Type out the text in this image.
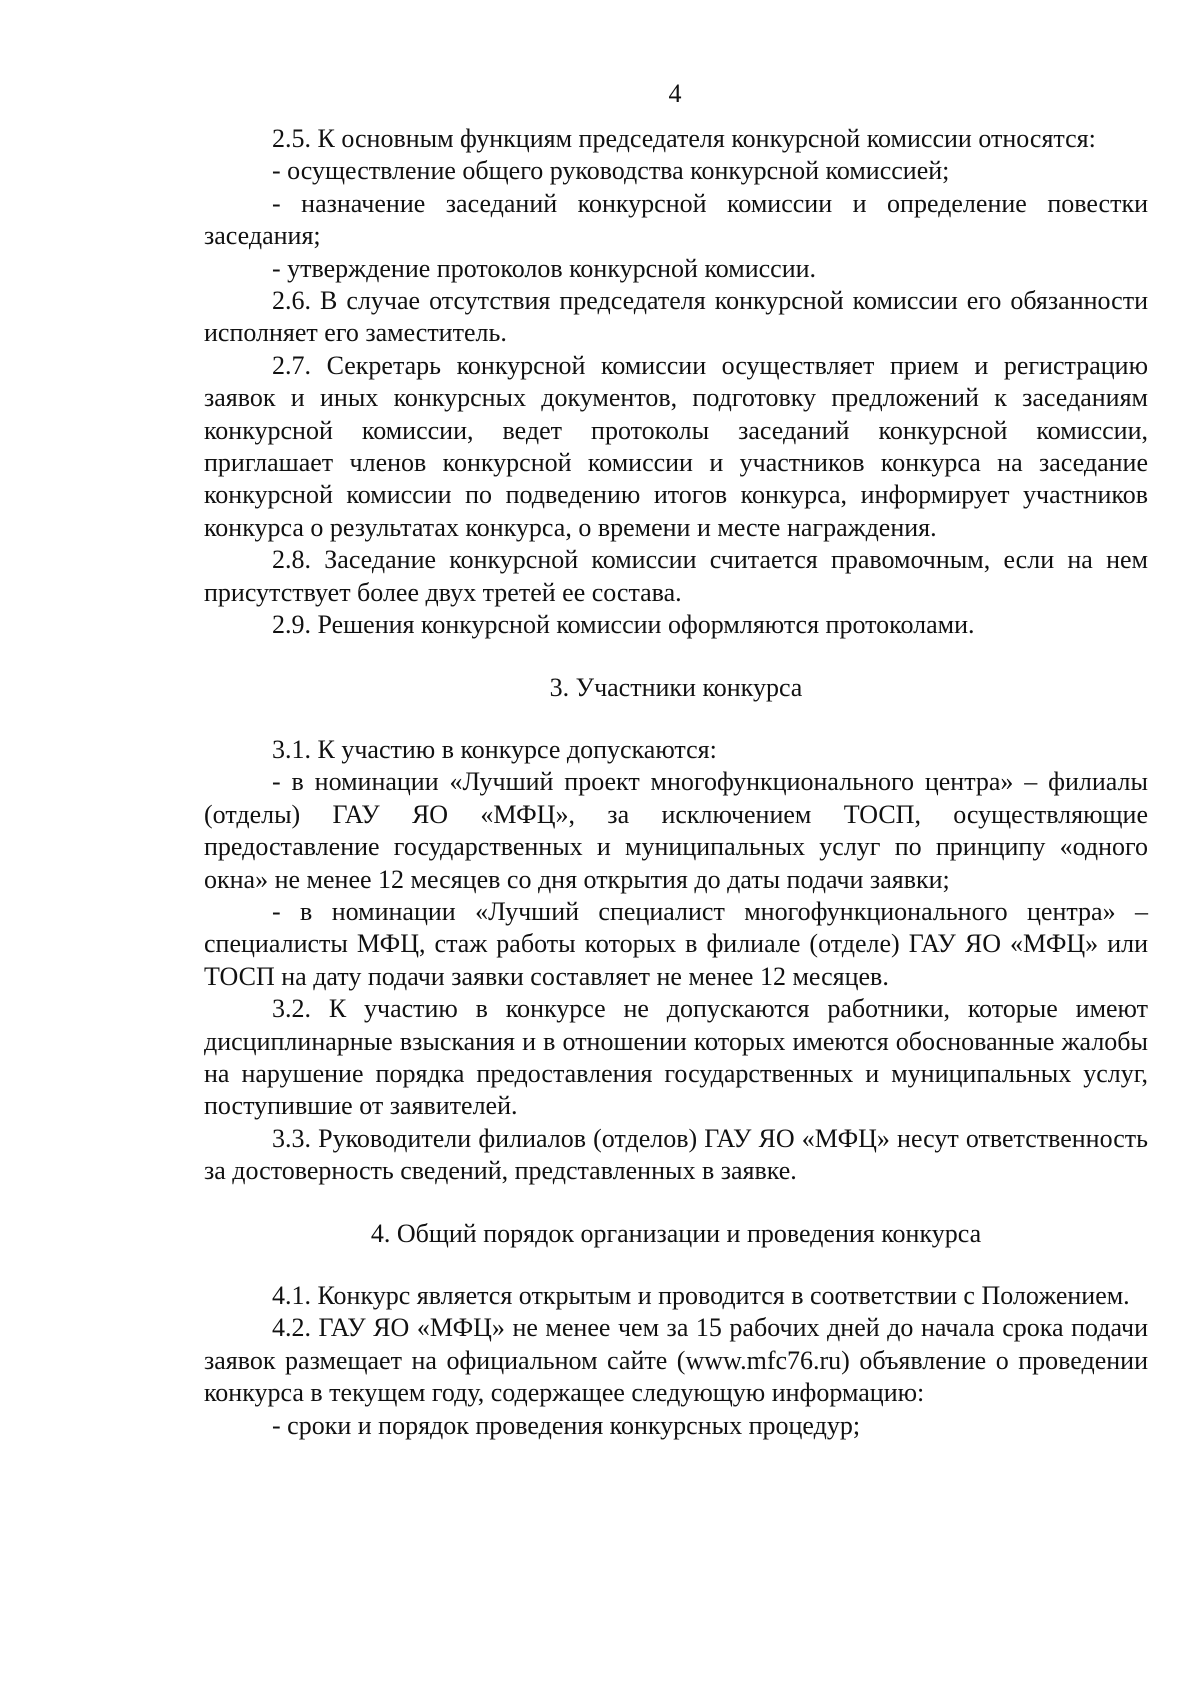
4

2.5. К основным функциям председателя конкурсной комиссии относятся:

- осуществление общего руководства конкурсной комиссией;

- назначение заседаний конкурсной комиссии и определение повестки заседания;

- утверждение протоколов конкурсной комиссии.

2.6. В случае отсутствия председателя конкурсной комиссии его обязанности исполняет его заместитель.

2.7. Секретарь конкурсной комиссии осуществляет прием и регистрацию заявок и иных конкурсных документов, подготовку предложений к заседаниям конкурсной комиссии, ведет протоколы заседаний конкурсной комиссии, приглашает членов конкурсной комиссии и участников конкурса на заседание конкурсной комиссии по подведению итогов конкурса, информирует участников конкурса о результатах конкурса, о времени и месте награждения.

2.8. Заседание конкурсной комиссии считается правомочным, если на нем присутствует более двух третей ее состава.

2.9. Решения конкурсной комиссии оформляются протоколами.

3. Участники конкурса

3.1. К участию в конкурсе допускаются:

- в номинации «Лучший проект многофункционального центра» – филиалы (отделы) ГАУ ЯО «МФЦ», за исключением ТОСП, осуществляющие предоставление государственных и муниципальных услуг по принципу «одного окна» не менее 12 месяцев со дня открытия до даты подачи заявки;

- в номинации «Лучший специалист многофункционального центра» – специалисты МФЦ, стаж работы которых в филиале (отделе) ГАУ ЯО «МФЦ» или ТОСП на дату подачи заявки составляет не менее 12 месяцев.

3.2. К участию в конкурсе не допускаются работники, которые имеют дисциплинарные взыскания и в отношении которых имеются обоснованные жалобы на нарушение порядка предоставления государственных и муниципальных услуг, поступившие от заявителей.

3.3. Руководители филиалов (отделов) ГАУ ЯО «МФЦ» несут ответственность за достоверность сведений, представленных в заявке.

4. Общий порядок организации и проведения конкурса

4.1. Конкурс является открытым и проводится в соответствии с Положением.

4.2. ГАУ ЯО «МФЦ» не менее чем за 15 рабочих дней до начала срока подачи заявок размещает на официальном сайте (www.mfc76.ru) объявление о проведении конкурса в текущем году, содержащее следующую информацию:

- сроки и порядок проведения конкурсных процедур;
